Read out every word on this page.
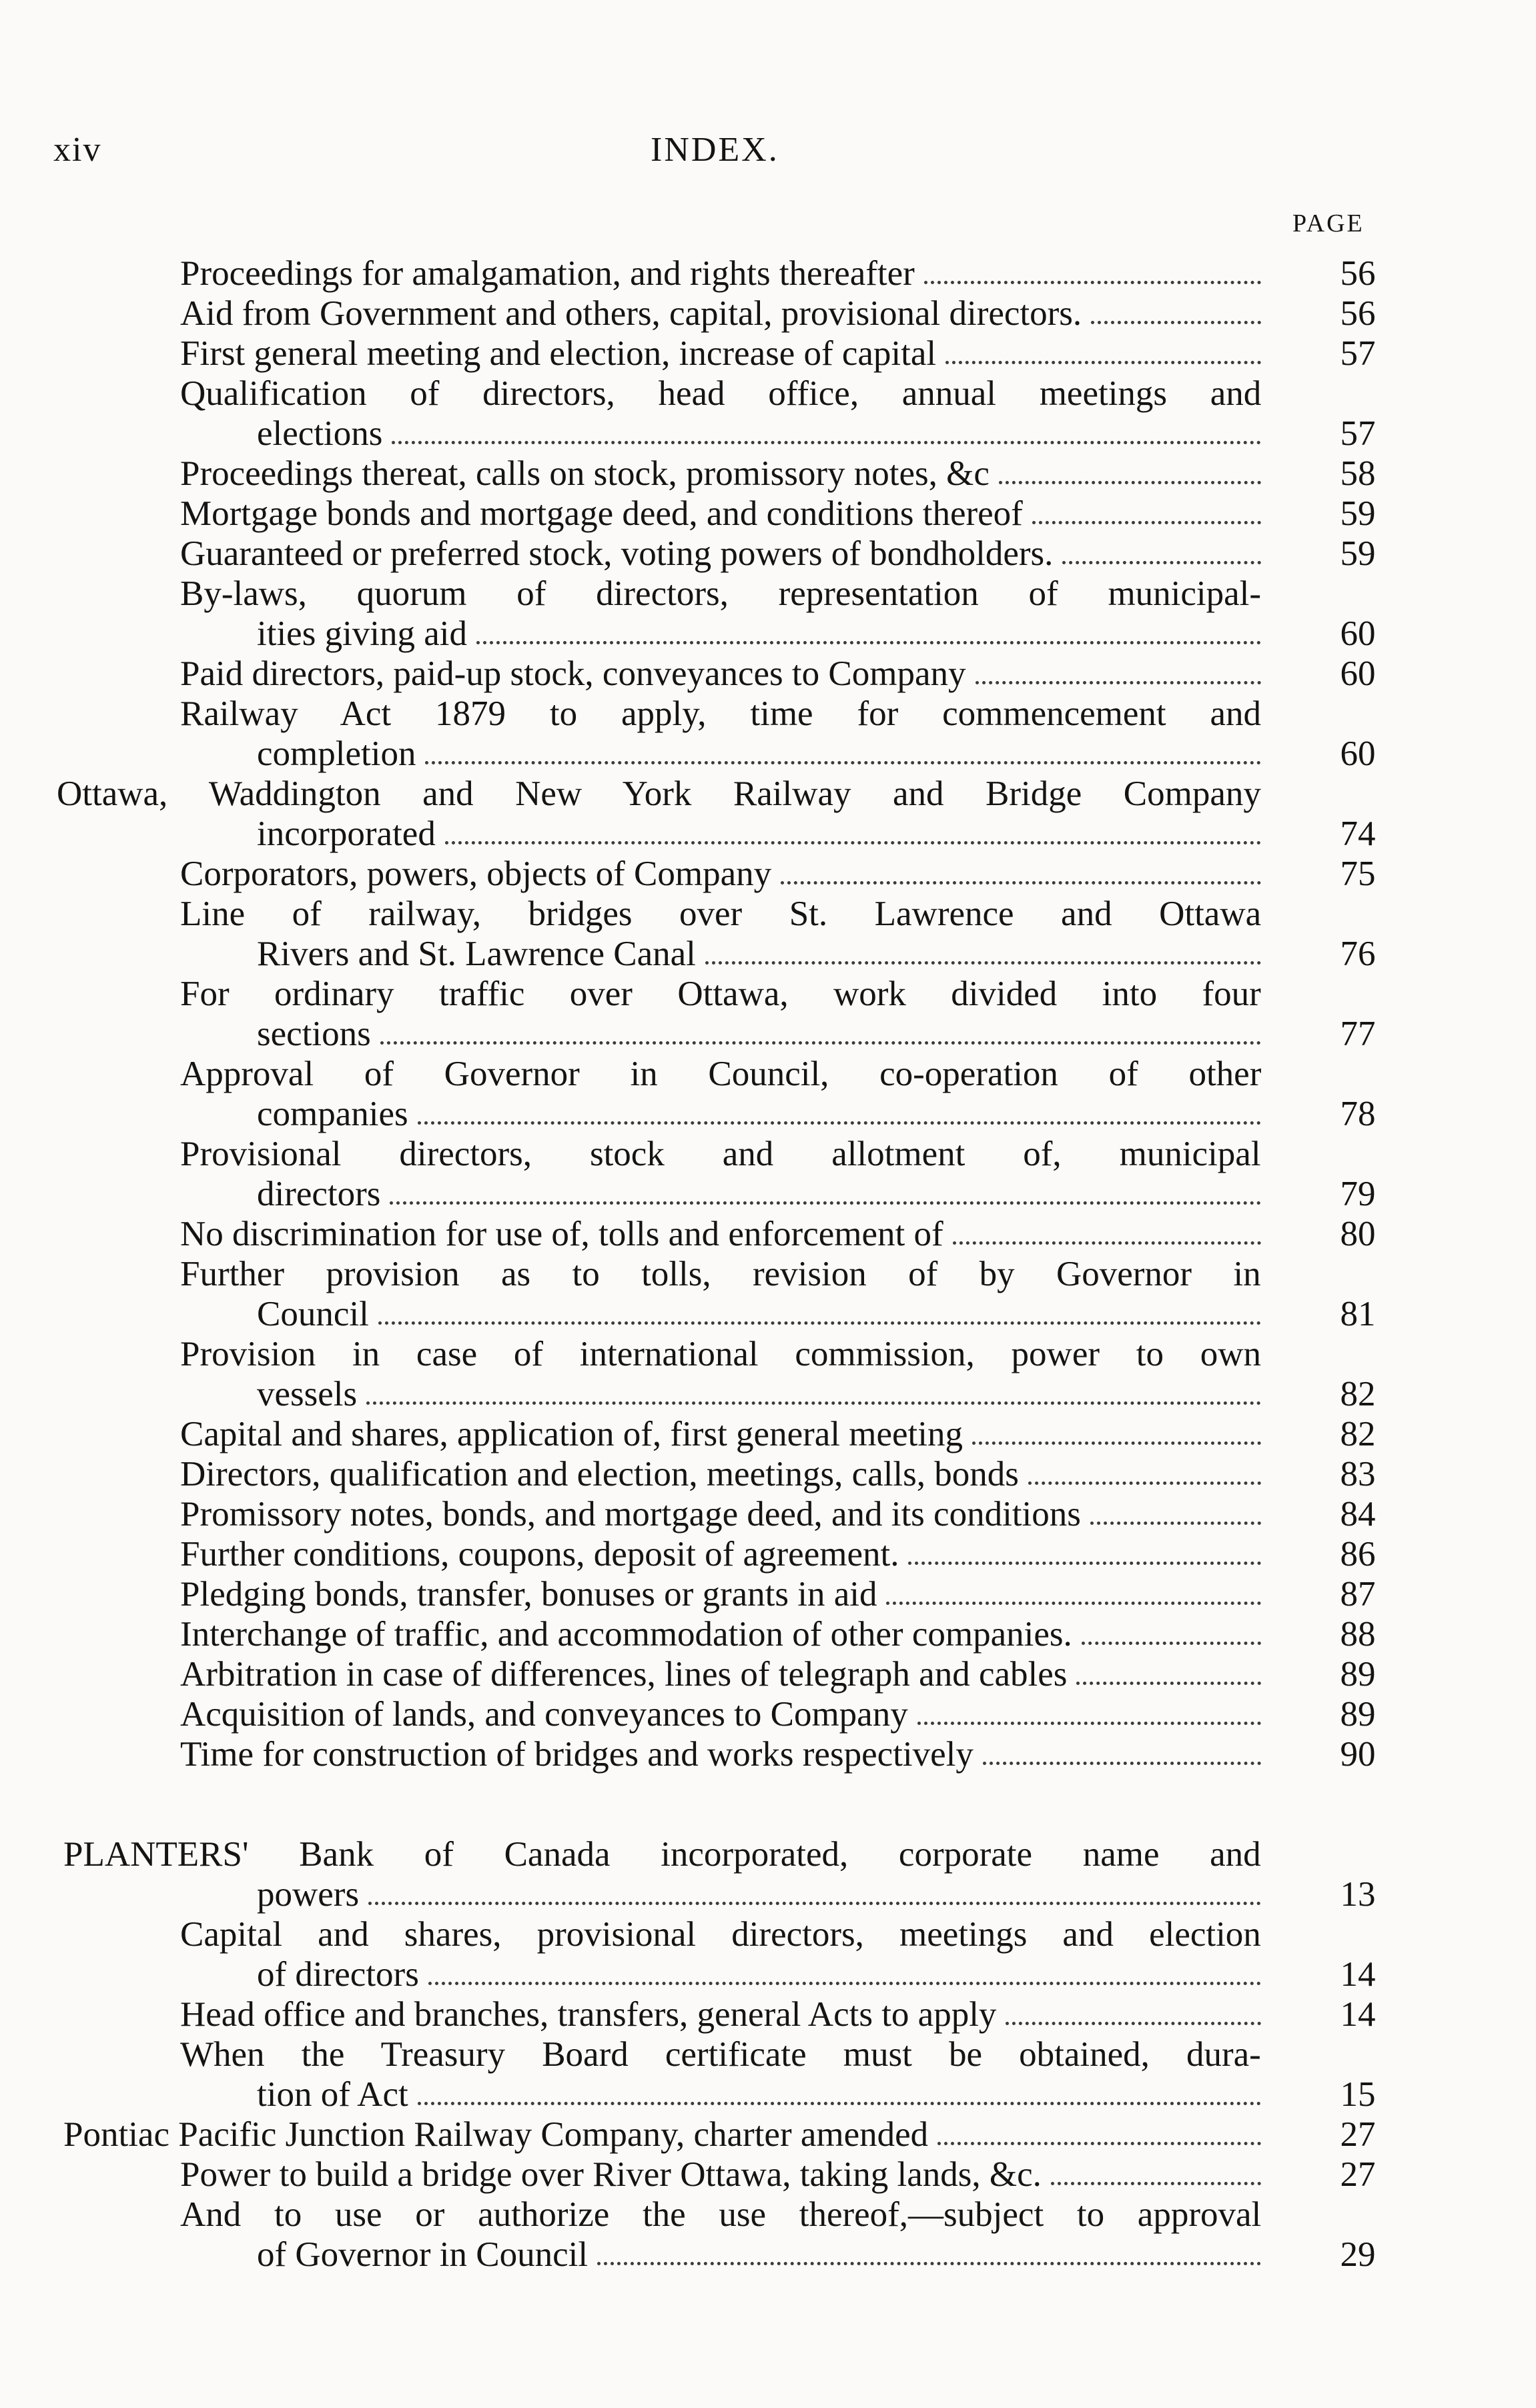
xiv	INDEX.
PAGE
Proceedings for amalgamation, and rights thereafter	56
Aid from Government and others, capital, provisional directors.	56
First general meeting and election, increase of capital	57
Qualification of directors, head office, annual meetings and
elections	57
Proceedings thereat, calls on stock, promissory notes, &c	58
Mortgage bonds and mortgage deed, and conditions thereof	59
Guaranteed or preferred stock, voting powers of bondholders.	59
By-laws, quorum of directors, representation of municipal-
ities giving aid	60
Paid directors, paid-up stock, conveyances to Company	60
Railway Act 1879 to apply, time for commencement and
completion	60
Ottawa, Waddington and New York Railway and Bridge Company
incorporated	74
Corporators, powers, objects of Company	75
Line of railway, bridges over St. Lawrence and Ottawa
Rivers and St. Lawrence Canal	76
For ordinary traffic over Ottawa, work divided into four
sections	77
Approval of Governor in Council, co-operation of other
companies	78
Provisional directors, stock and allotment of, municipal
directors	79
No discrimination for use of, tolls and enforcement of	80
Further provision as to tolls, revision of by Governor in
Council	81
Provision in case of international commission, power to own
vessels	82
Capital and shares, application of, first general meeting	82
Directors, qualification and election, meetings, calls, bonds	83
Promissory notes, bonds, and mortgage deed, and its conditions	84
Further conditions, coupons, deposit of agreement.	86
Pledging bonds, transfer, bonuses or grants in aid	87
Interchange of traffic, and accommodation of other companies.	88
Arbitration in case of differences, lines of telegraph and cables	89
Acquisition of lands, and conveyances to Company	89
Time for construction of bridges and works respectively	90
PLANTERS' Bank of Canada incorporated, corporate name and
powers	13
Capital and shares, provisional directors, meetings and election
of directors	14
Head office and branches, transfers, general Acts to apply	14
When the Treasury Board certificate must be obtained, dura-
tion of Act	15
Pontiac Pacific Junction Railway Company, charter amended	27
Power to build a bridge over River Ottawa, taking lands, &c.	27
And to use or authorize the use thereof,—subject to approval
of Governor in Council	29
